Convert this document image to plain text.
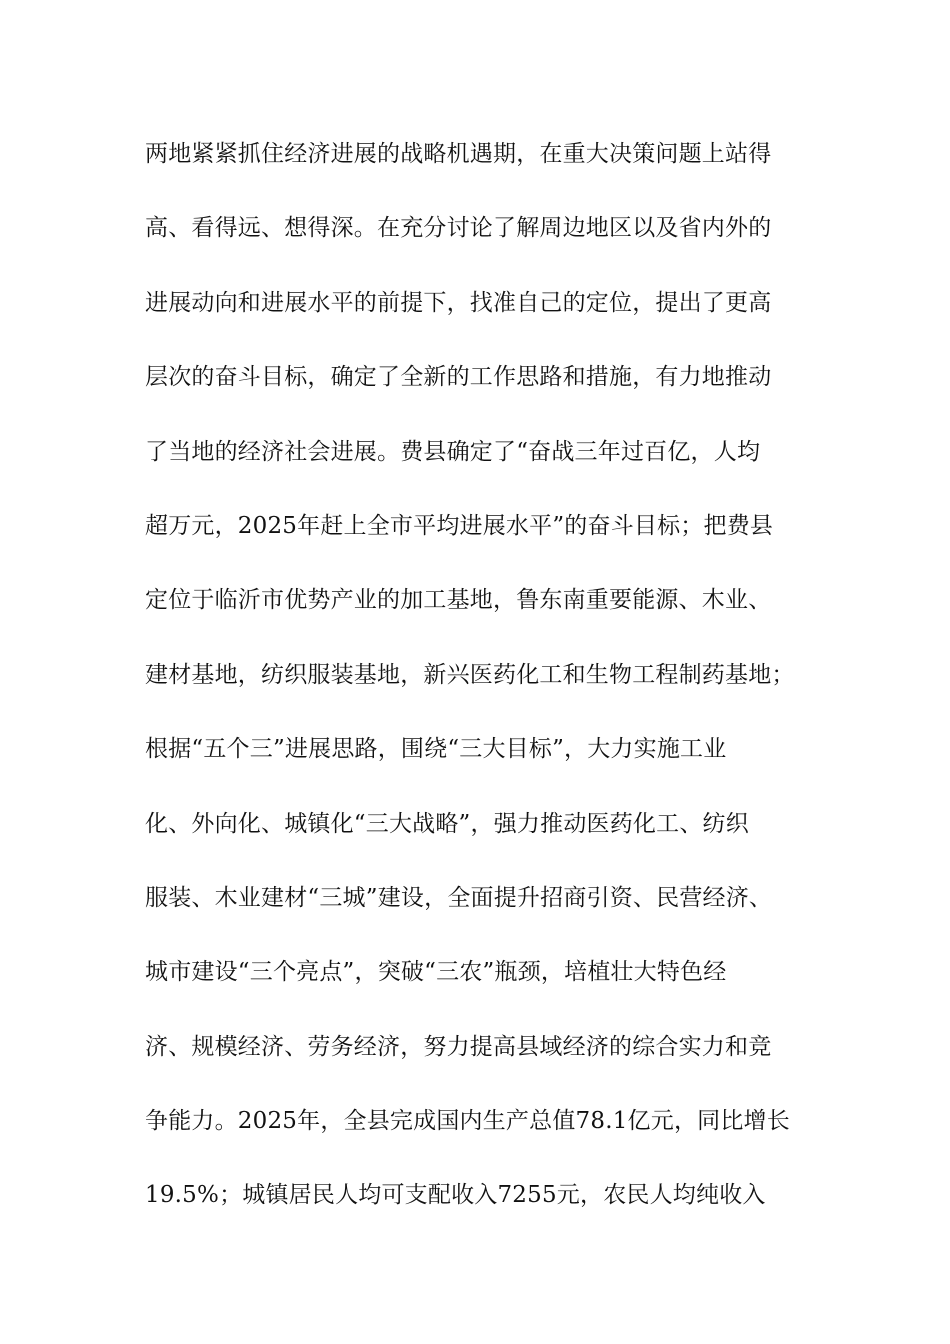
两地紧紧抓住经济进展的战略机遇期，在重大决策问题上站得
高、看得远、想得深。在充分讨论了解周边地区以及省内外的
进展动向和进展水平的前提下，找准自己的定位，提出了更高
层次的奋斗目标，确定了全新的工作思路和措施，有力地推动
了当地的经济社会进展。费县确定了“奋战三年过百亿，人均
超万元，2025年赶上全市平均进展水平”的奋斗目标；把费县
定位于临沂市优势产业的加工基地，鲁东南重要能源、木业、
建材基地，纺织服装基地，新兴医药化工和生物工程制药基地；
根据“五个三”进展思路，围绕“三大目标”，大力实施工业
化、外向化、城镇化“三大战略”，强力推动医药化工、纺织
服装、木业建材“三城”建设，全面提升招商引资、民营经济、
城市建设“三个亮点”，突破“三农”瓶颈，培植壮大特色经
济、规模经济、劳务经济，努力提高县域经济的综合实力和竞
争能力。2025年，全县完成国内生产总值78.1亿元，同比增长
19.5%；城镇居民人均可支配收入7255元，农民人均纯收入
